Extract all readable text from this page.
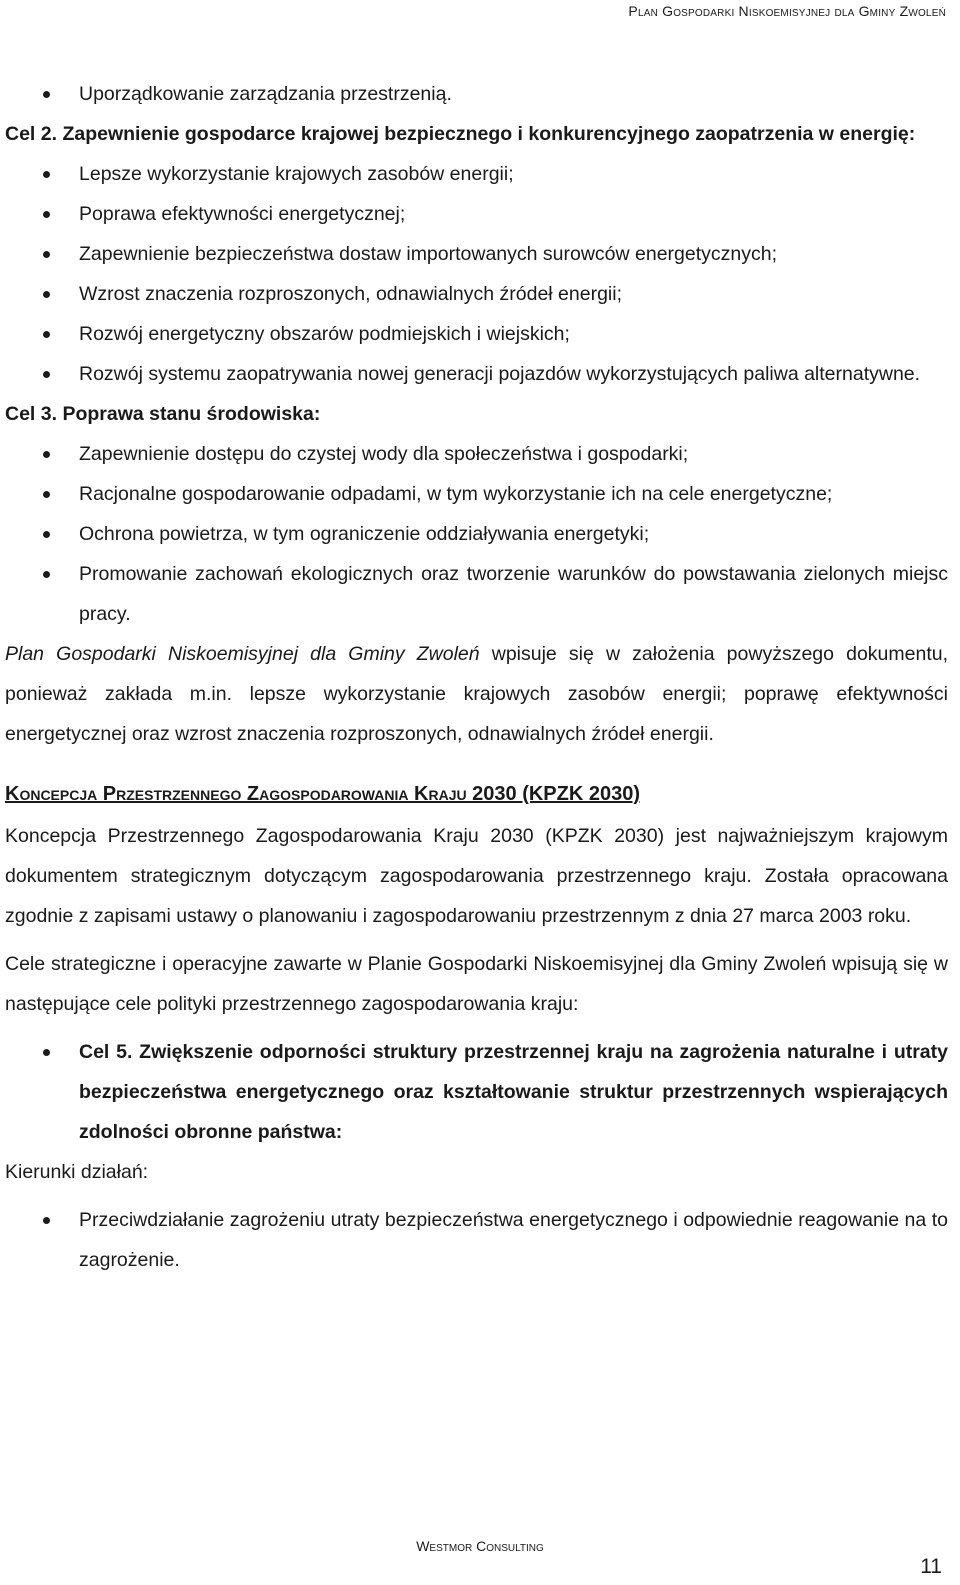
Plan Gospodarki Niskoemisyjnej dla Gminy Zwoleń
Uporządkowanie zarządzania przestrzenią.

Cel 2. Zapewnienie gospodarce krajowej bezpiecznego i konkurencyjnego zaopatrzenia w energię:

Lepsze wykorzystanie krajowych zasobów energii;
Poprawa efektywności energetycznej;
Zapewnienie bezpieczeństwa dostaw importowanych surowców energetycznych;
Wzrost znaczenia rozproszonych, odnawialnych źródeł energii;
Rozwój energetyczny obszarów podmiejskich i wiejskich;
Rozwój systemu zaopatrywania nowej generacji pojazdów wykorzystujących paliwa alternatywne.

Cel 3. Poprawa stanu środowiska:

Zapewnienie dostępu do czystej wody dla społeczeństwa i gospodarki;
Racjonalne gospodarowanie odpadami, w tym wykorzystanie ich na cele energetyczne;
Ochrona powietrza, w tym ograniczenie oddziaływania energetyki;
Promowanie zachowań ekologicznych oraz tworzenie warunków do powstawania zielonych miejsc pracy.

Plan Gospodarki Niskoemisyjnej dla Gminy Zwoleń wpisuje się w założenia powyższego dokumentu, ponieważ zakłada m.in. lepsze wykorzystanie krajowych zasobów energii; poprawę efektywności energetycznej oraz wzrost znaczenia rozproszonych, odnawialnych źródeł energii.

Koncepcja Przestrzennego Zagospodarowania Kraju 2030 (KPZK 2030)

Koncepcja Przestrzennego Zagospodarowania Kraju 2030 (KPZK 2030) jest najważniejszym krajowym dokumentem strategicznym dotyczącym zagospodarowania przestrzennego kraju. Została opracowana zgodnie z zapisami ustawy o planowaniu i zagospodarowaniu przestrzennym z dnia 27 marca 2003 roku.

Cele strategiczne i operacyjne zawarte w Planie Gospodarki Niskoemisyjnej dla Gminy Zwoleń wpisują się w następujące cele polityki przestrzennego zagospodarowania kraju:

Cel 5. Zwiększenie odporności struktury przestrzennej kraju na zagrożenia naturalne i utraty bezpieczeństwa energetycznego oraz kształtowanie struktur przestrzennych wspierających zdolności obronne państwa:

Kierunki działań:

Przeciwdziałanie zagrożeniu utraty bezpieczeństwa energetycznego i odpowiednie reagowanie na to zagrożenie.
Westmor Consulting
11
